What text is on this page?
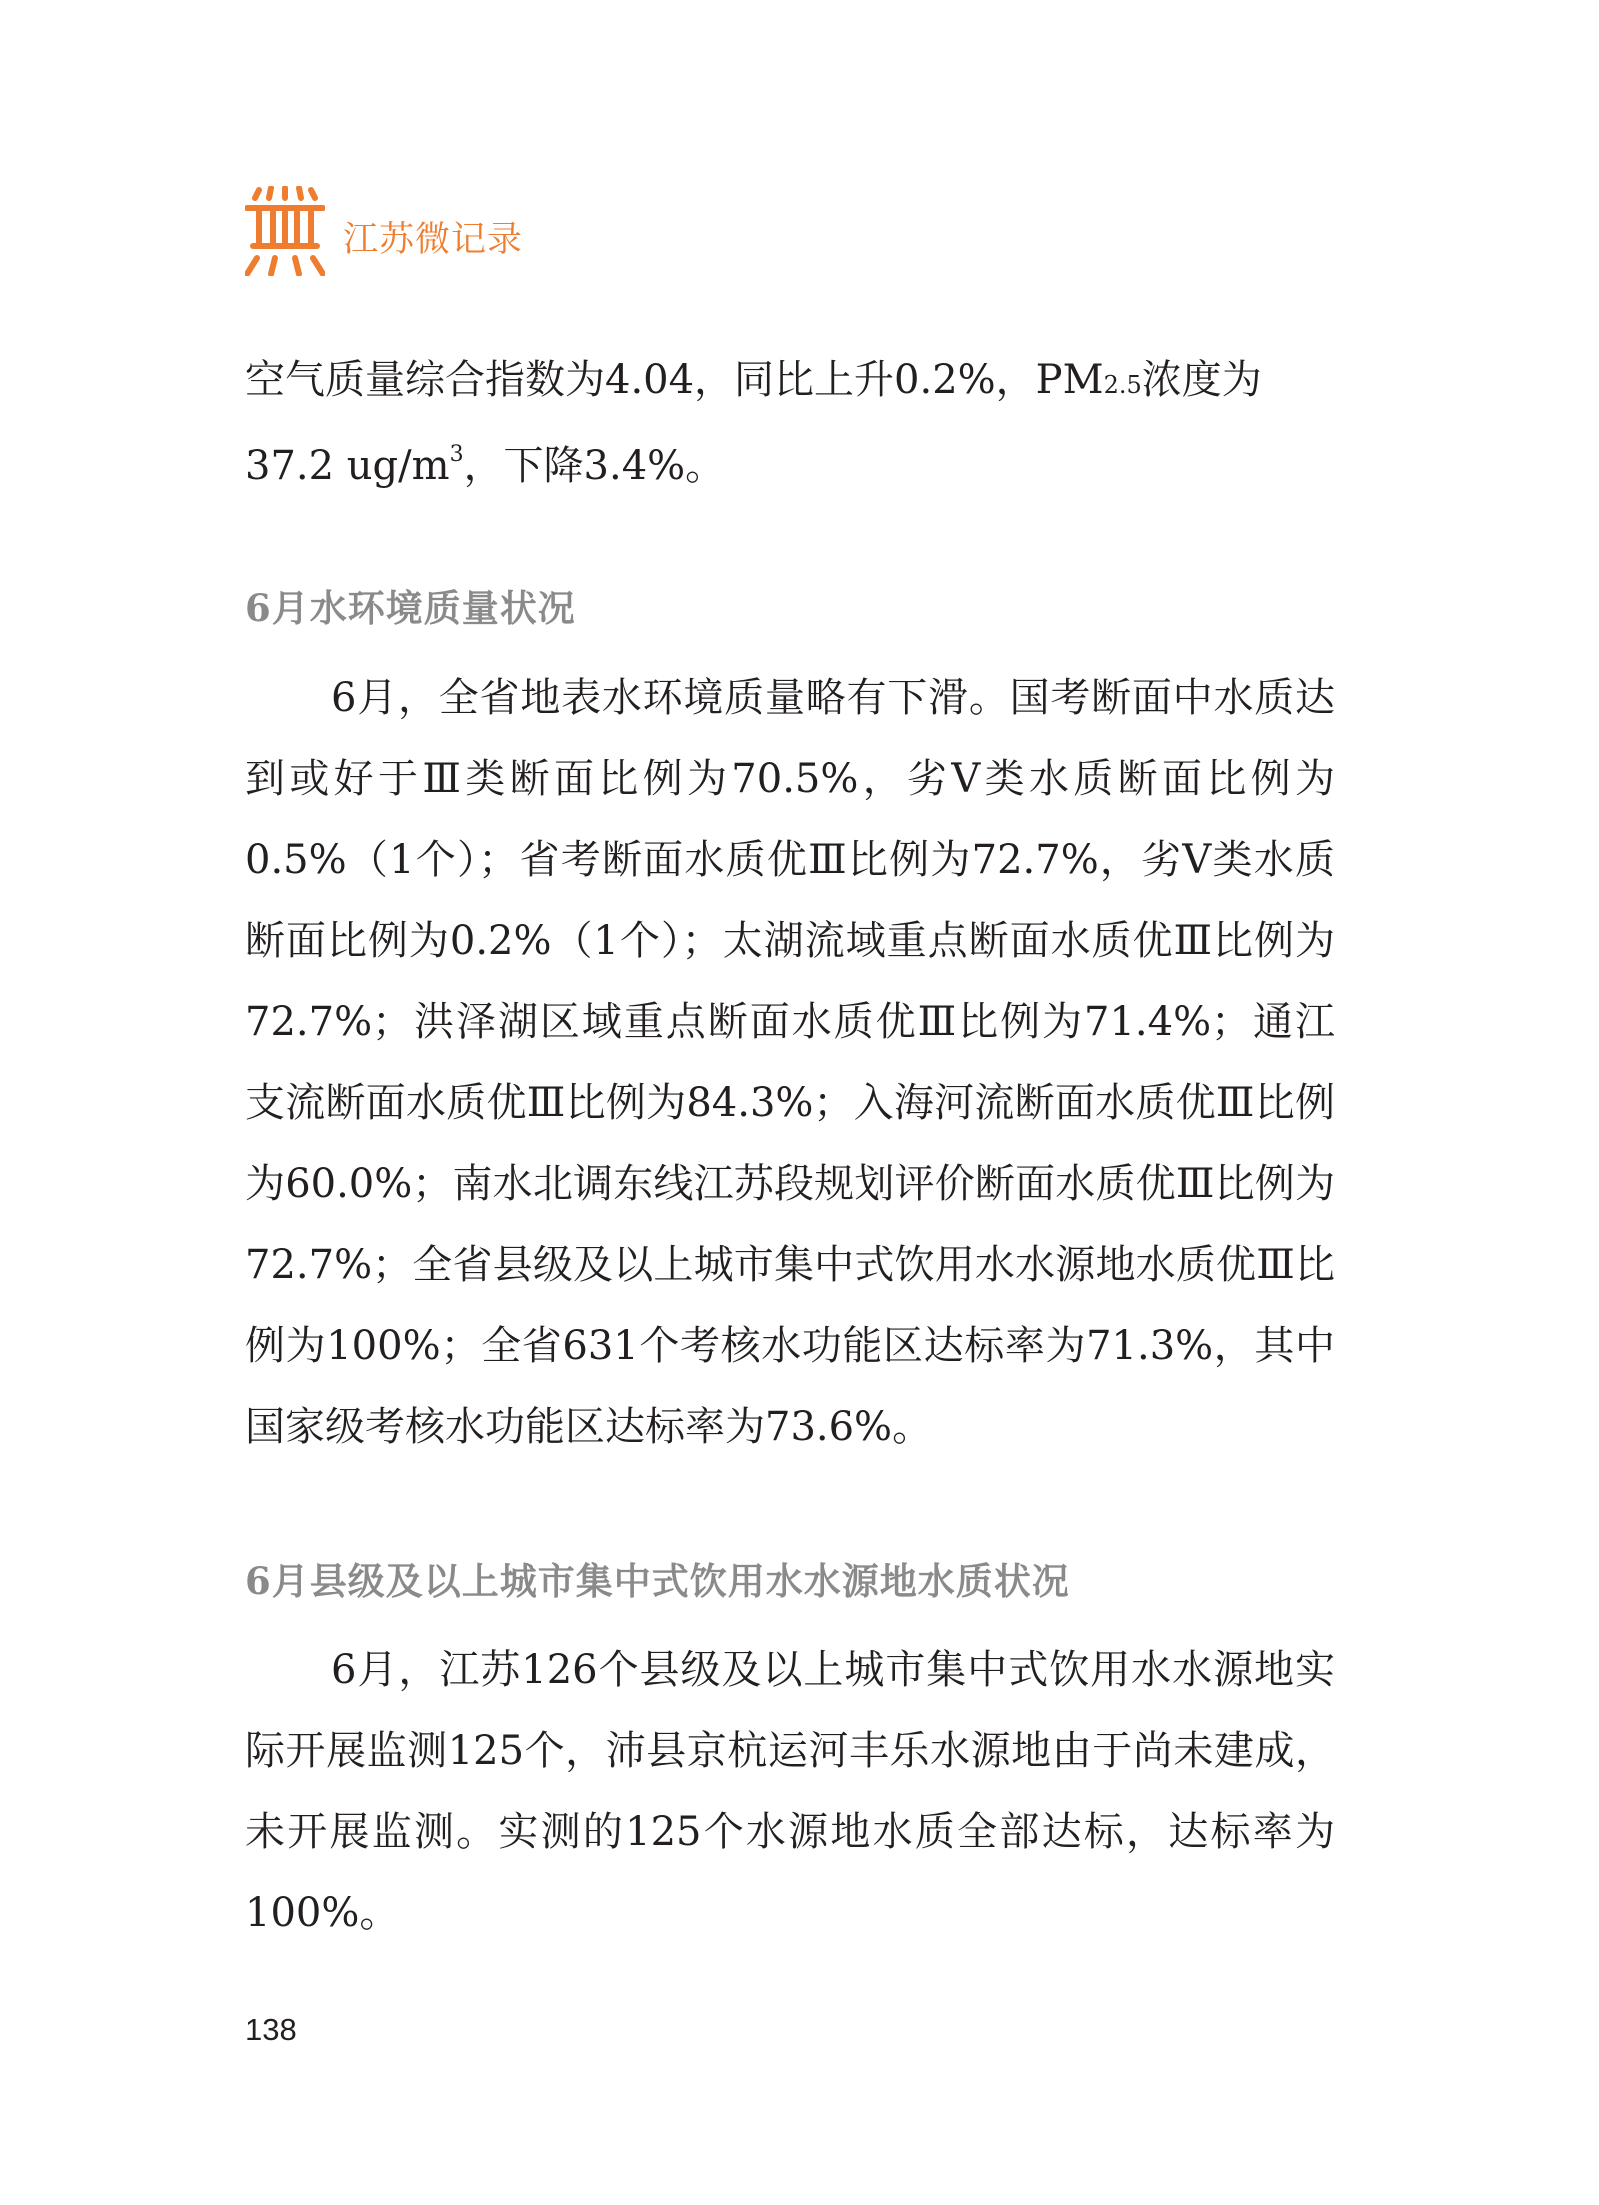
江苏微记录

空气质量综合指数为4.04，同比上升0.2%，PM2.5浓度为
37.2 $ug/m^3$，下降3.4%。

6月水环境质量状况

6月，全省地表水环境质量略有下滑。国考断面中水质达到或好于Ⅲ类断面比例为70.5%，劣Ⅴ类水质断面比例为0.5%（1个）；省考断面水质优Ⅲ比例为72.7%，劣Ⅴ类水质断面比例为0.2%（1个）；太湖流域重点断面水质优Ⅲ比例为72.7%；洪泽湖区域重点断面水质优Ⅲ比例为71.4%；通江支流断面水质优Ⅲ比例为84.3%；入海河流断面水质优Ⅲ比例为60.0%；南水北调东线江苏段规划评价断面水质优Ⅲ比例为72.7%；全省县级及以上城市集中式饮用水水源地水质优Ⅲ比例为100%；全省631个考核水功能区达标率为71.3%，其中国家级考核水功能区达标率为73.6%。

6月县级及以上城市集中式饮用水水源地水质状况

6月，江苏126个县级及以上城市集中式饮用水水源地实际开展监测125个，沛县京杭运河丰乐水源地由于尚未建成，未开展监测。实测的125个水源地水质全部达标，达标率为100%。

138
